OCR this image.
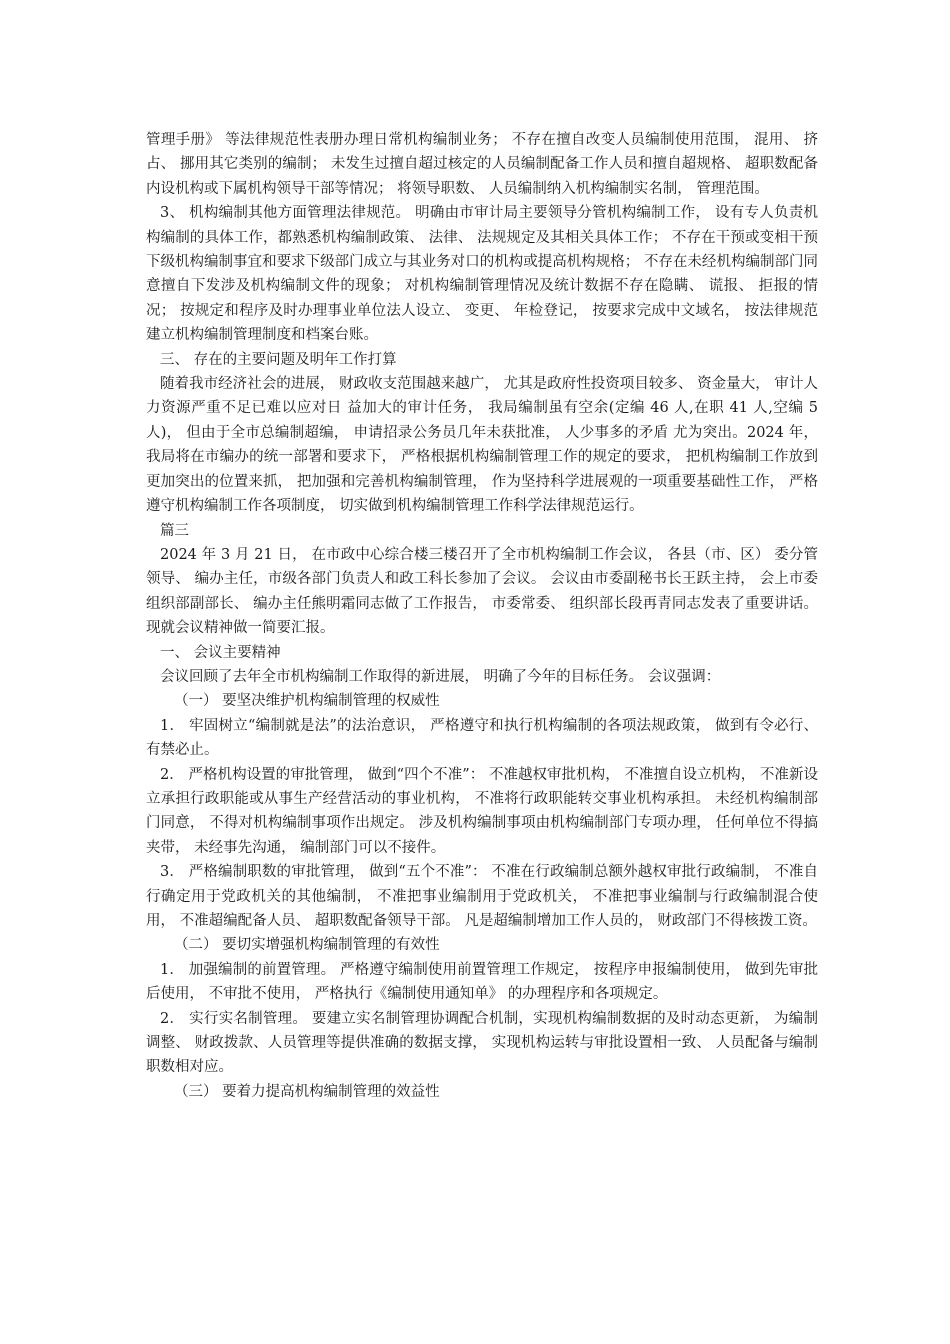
管理手册》 等法律规范性表册办理日常机构编制业务； 不存在擅自改变人员编制使用范围， 混用、 挤占、 挪用其它类别的编制； 未发生过擅自超过核定的人员编制配备工作人员和擅自超规格、 超职数配备内设机构或下属机构领导干部等情况； 将领导职数、 人员编制纳入机构编制实名制， 管理范围。

3、 机构编制其他方面管理法律规范。 明确由市审计局主要领导分管机构编制工作， 设有专人负责机构编制的具体工作，都熟悉机构编制政策、 法律、 法规规定及其相关具体工作； 不存在干预或变相干预下级机构编制事宜和要求下级部门成立与其业务对口的机构或提高机构规格； 不存在未经机构编制部门同意擅自下发涉及机构编制文件的现象； 对机构编制管理情况及统计数据不存在隐瞒、 谎报、 拒报的情况； 按规定和程序及时办理事业单位法人设立、 变更、 年检登记， 按要求完成中文域名， 按法律规范建立机构编制管理制度和档案台账。

三、 存在的主要问题及明年工作打算

随着我市经济社会的进展， 财政收支范围越来越广， 尤其是政府性投资项目较多、 资金量大， 审计人力资源严重不足已难以应对日 益加大的审计任务， 我局编制虽有空余(定编 46 人,在职 41 人,空编 5 人)， 但由于全市总编制超编， 申请招录公务员几年未获批准， 人少事多的矛盾 尤为突出。2024 年， 我局将在市编办的统一部署和要求下， 严格根据机构编制管理工作的规定的要求， 把机构编制工作放到更加突出的位置来抓， 把加强和完善机构编制管理， 作为坚持科学进展观的一项重要基础性工作， 严格遵守机构编制工作各项制度， 切实做到机构编制管理工作科学法律规范运行。

篇三

2024 年 3 月 21 日， 在市政中心综合楼三楼召开了全市机构编制工作会议， 各县（市、区） 委分管领导、 编办主任，市级各部门负责人和政工科长参加了会议。 会议由市委副秘书长王跃主持， 会上市委组织部副部长、 编办主任熊明霜同志做了工作报告， 市委常委、 组织部长段再青同志发表了重要讲话。 现就会议精神做一简要汇报。

一、 会议主要精神

会议回顾了去年全市机构编制工作取得的新进展， 明确了今年的目标任务。 会议强调：

（一） 要坚决维护机构编制管理的权威性

1． 牢固树立“编制就是法”的法治意识， 严格遵守和执行机构编制的各项法规政策， 做到有令必行、 有禁必止。

2． 严格机构设置的审批管理， 做到“四个不准”： 不准越权审批机构， 不准擅自设立机构， 不准新设立承担行政职能或从事生产经营活动的事业机构， 不准将行政职能转交事业机构承担。 未经机构编制部门同意， 不得对机构编制事项作出规定。 涉及机构编制事项由机构编制部门专项办理， 任何单位不得搞夹带， 未经事先沟通， 编制部门可以不接件。

3． 严格编制职数的审批管理， 做到“五个不准”： 不准在行政编制总额外越权审批行政编制， 不准自行确定用于党政机关的其他编制， 不准把事业编制用于党政机关， 不准把事业编制与行政编制混合使用， 不准超编配备人员、 超职数配备领导干部。 凡是超编制增加工作人员的， 财政部门不得核拨工资。

（二） 要切实增强机构编制管理的有效性

1． 加强编制的前置管理。 严格遵守编制使用前置管理工作规定， 按程序申报编制使用， 做到先审批后使用， 不审批不使用， 严格执行《编制使用通知单》 的办理程序和各项规定。

2． 实行实名制管理。 要建立实名制管理协调配合机制，实现机构编制数据的及时动态更新， 为编制调整、 财政拨款、人员管理等提供准确的数据支撑， 实现机构运转与审批设置相一致、 人员配备与编制职数相对应。

（三） 要着力提高机构编制管理的效益性
